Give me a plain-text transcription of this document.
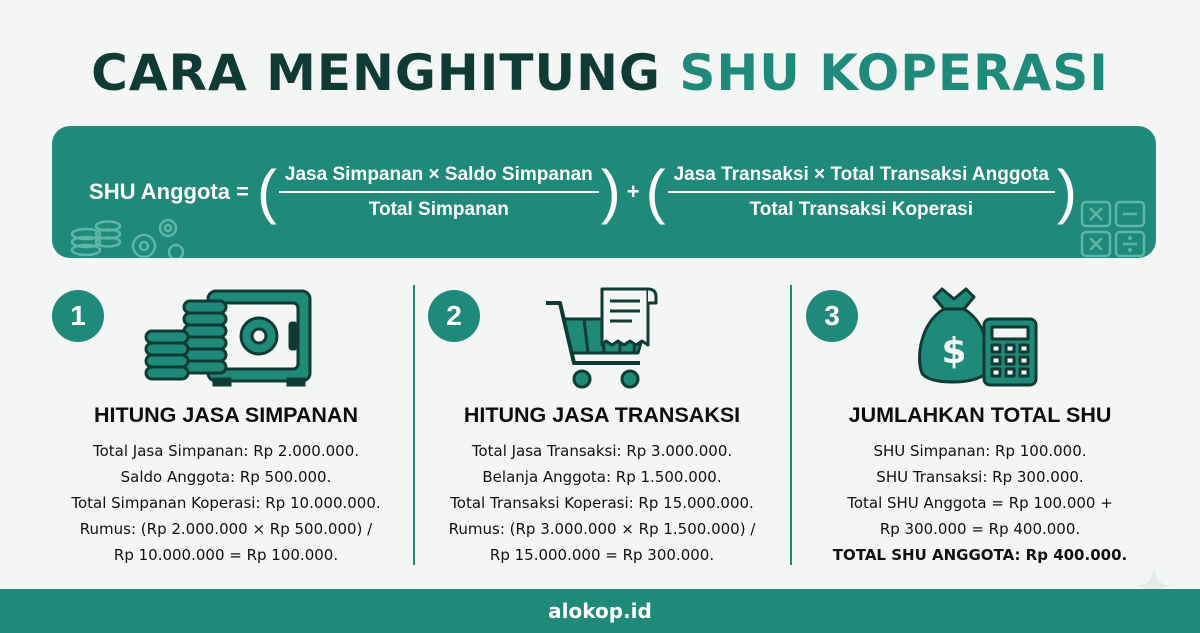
CARA MENGHITUNG SHU KOPERASI
SHU Anggota = ( $\frac{\text{Jasa Simpanan × Saldo Simpanan}}{\text{Total Simpanan}}$ ) + ( $\frac{\text{Jasa Transaksi × Total Transaksi Anggota}}{\text{Total Transaksi Koperasi}}$ )
1
HITUNG JASA SIMPANAN
Total Jasa Simpanan: Rp 2.000.000.
Saldo Anggota: Rp 500.000.
Total Simpanan Koperasi: Rp 10.000.000.
Rumus: (Rp 2.000.000 × Rp 500.000) /
Rp 10.000.000 = Rp 100.000.
2
HITUNG JASA TRANSAKSI
Total Jasa Transaksi: Rp 3.000.000.
Belanja Anggota: Rp 1.500.000.
Total Transaksi Koperasi: Rp 15.000.000.
Rumus: (Rp 3.000.000 × Rp 1.500.000) /
Rp 15.000.000 = Rp 300.000.
3
$
JUMLAHKAN TOTAL SHU
SHU Simpanan: Rp 100.000.
SHU Transaksi: Rp 300.000.
Total SHU Anggota = Rp 100.000 +
Rp 300.000 = Rp 400.000.
TOTAL SHU ANGGOTA: Rp 400.000.
alokop.id
